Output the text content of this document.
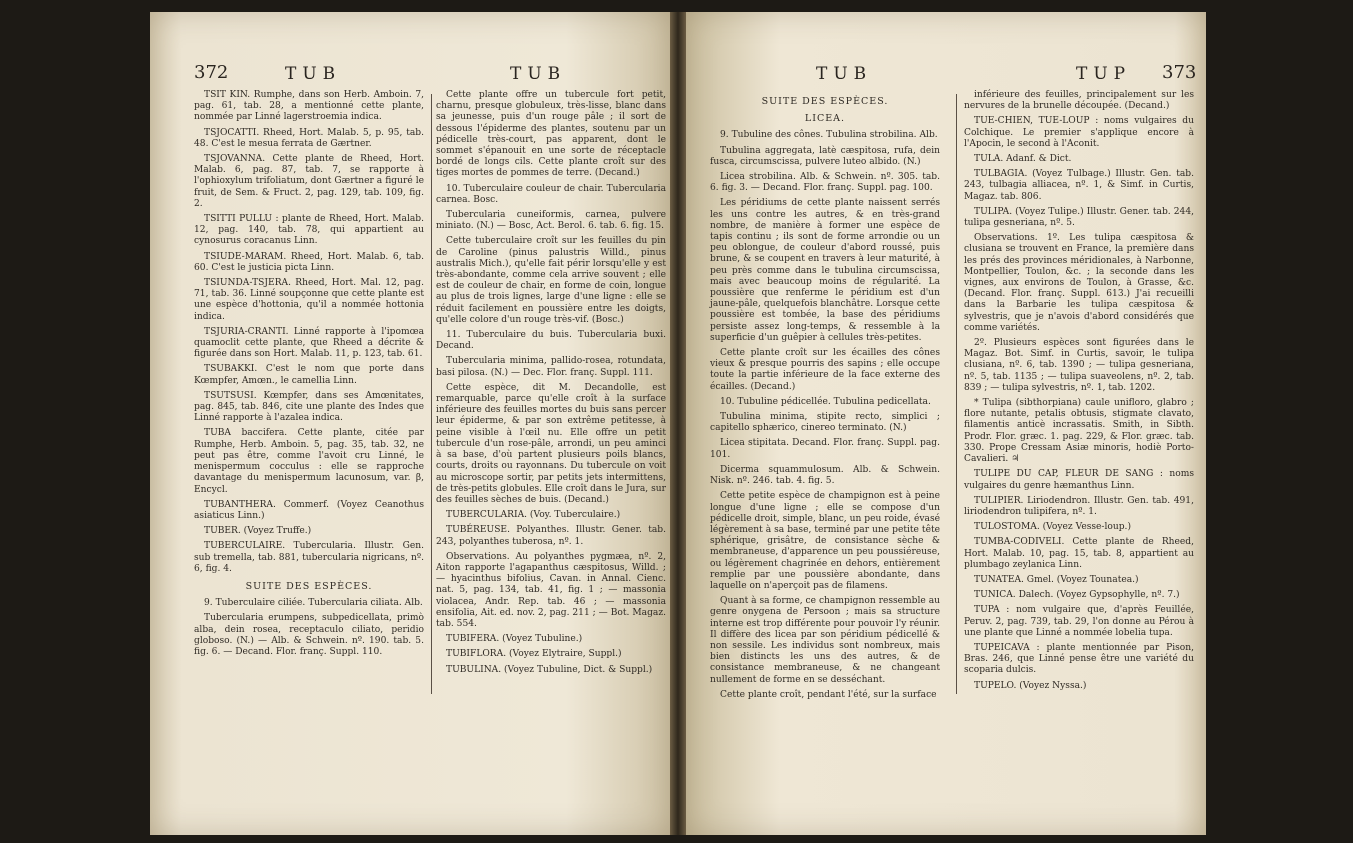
372	TUB	TUB

TSIT KIN. Rumphe, dans son Herb. Amboin. 7, pag. 61, tab. 28, a mentionné cette plante, nommée par Linné lagerstroemia indica.

TSJOCATTI. Rheed, Hort. Malab. 5, p. 95, tab. 48. C'est le mesua ferrata de Gærtner.

TSJOVANNA. Cette plante de Rheed, Hort. Malab. 6, pag. 87, tab. 7, se rapporte à l'ophioxylum trifoliatum, dont Gærtner a figuré le fruit, de Sem. & Fruct. 2, pag. 129, tab. 109, fig. 2.

TSITTI PULLU : plante de Rheed, Hort. Malab. 12, pag. 140, tab. 78, qui appartient au cynosurus coracanus Linn.

TSIUDE-MARAM. Rheed, Hort. Malab. 6, tab. 60. C'est le justicia picta Linn.

TSIUNDA-TSJERA. Rheed, Hort. Mal. 12, pag. 71, tab. 36. Linné soupçonne que cette plante est une espèce d'hottonia, qu'il a nommée hottonia indica.

TSJURIA-CRANTI. Linné rapporte à l'ipomœa quamoclit cette plante, que Rheed a décrite & figurée dans son Hort. Malab. 11, p. 123, tab. 61.

TSUBAKKI. C'est le nom que porte dans Kœmpfer, Amœn., le camellia Linn.

TSUTSUSI. Kœmpfer, dans ses Amœnitates, pag. 845, tab. 846, cite une plante des Indes que Linné rapporte à l'azalea indica.

TUBA baccifera. Cette plante, citée par Rumphe, Herb. Amboin. 5, pag. 35, tab. 32, ne peut pas être, comme l'avoit cru Linné, le menispermum cocculus : elle se rapproche davantage du menispermum lacunosum, var. β, Encycl.

TUBANTHERA. Commerf. (Voyez Ceanothus asiaticus Linn.)

TUBER. (Voyez Truffe.)

TUBERCULAIRE. Tubercularia. Illustr. Gen. sub tremella, tab. 881, tubercularia nigricans, nº. 6, fig. 4.

SUITE DES ESPÈCES.

9. Tuberculaire ciliée. Tubercularia ciliata. Alb.

Tubercularia erumpens, subpedicellata, primò alba, dein rosea, receptaculo ciliato, peridio globoso. (N.) — Alb. & Schwein. nº. 190. tab. 5. fig. 6. — Decand. Flor. franç. Suppl. 110.

Cette plante offre un tubercule fort petit, charnu, presque globuleux, très-lisse, blanc dans sa jeunesse, puis d'un rouge pâle ; il sort de dessous l'épiderme des plantes, soutenu par un pédicelle très-court, pas apparent, dont le sommet s'épanouit en une sorte de réceptacle bordé de longs cils. Cette plante croît sur des tiges mortes de pommes de terre. (Decand.)

10. Tuberculaire couleur de chair. Tubercularia carnea. Bosc.

Tubercularia cuneiformis, carnea, pulvere miniato. (N.) — Bosc, Act. Berol. 6. tab. 6. fig. 15.

Cette tuberculaire croît sur les feuilles du pin de Caroline (pinus palustris Willd., pinus australis Mich.), qu'elle fait périr lorsqu'elle y est très-abondante, comme cela arrive souvent ; elle est de couleur de chair, en forme de coin, longue au plus de trois lignes, large d'une ligne : elle se réduit facilement en poussière entre les doigts, qu'elle colore d'un rouge très-vif. (Bosc.)

11. Tuberculaire du buis. Tubercularia buxi. Decand.

Tubercularia minima, pallido-rosea, rotundata, basi pilosa. (N.) — Dec. Flor. franç. Suppl. 111.

Cette espèce, dit M. Decandolle, est remarquable, parce qu'elle croît à la surface inférieure des feuilles mortes du buis sans percer leur épiderme, & par son extrême petitesse, à peine visible à l'œil nu. Elle offre un petit tubercule d'un rose-pâle, arrondi, un peu aminci à sa base, d'où partent plusieurs poils blancs, courts, droits ou rayonnans. Du tubercule on voit au microscope sortir, par petits jets intermittens, de très-petits globules. Elle croît dans le Jura, sur des feuilles sèches de buis. (Decand.)

TUBERCULARIA. (Voy. Tuberculaire.)

TUBÉREUSE. Polyanthes. Illustr. Gener. tab. 243, polyanthes tuberosa, nº. 1.

Observations. Au polyanthes pygmæa, nº. 2, Aiton rapporte l'agapanthus cæspitosus, Willd. ; — hyacinthus bifolius, Cavan. in Annal. Cienc. nat. 5, pag. 134, tab. 41, fig. 1 ; — massonia violacea, Andr. Rep. tab. 46 ; — massonia ensifolia, Ait. ed. nov. 2, pag. 211 ; — Bot. Magaz. tab. 554.

TUBIFERA. (Voyez Tubuline.)

TUBIFLORA. (Voyez Elytraire, Suppl.)

TUBULINA. (Voyez Tubuline, Dict. & Suppl.)

TUB	TUP 373

SUITE DES ESPÈCES.

LICEA.

9. Tubuline des cônes. Tubulina strobilina. Alb.

Tubulina aggregata, latè cæspitosa, rufa, dein fusca, circumscissa, pulvere luteo albido. (N.)

Licea strobilina. Alb. & Schwein. nº. 305. tab. 6. fig. 3. — Decand. Flor. franç. Suppl. pag. 100.

Les péridiums de cette plante naissent serrés les uns contre les autres, & en très-grand nombre, de manière à former une espèce de tapis continu ; ils sont de forme arrondie ou un peu oblongue, de couleur d'abord roussé, puis brune, & se coupent en travers à leur maturité, à peu près comme dans le tubulina circumscissa, mais avec beaucoup moins de régularité. La poussière que renferme le péridium est d'un jaune-pâle, quelquefois blanchâtre. Lorsque cette poussière est tombée, la base des péridiums persiste assez long-temps, & ressemble à la superficie d'un guêpier à cellules très-petites.

Cette plante croît sur les écailles des cônes vieux & presque pourris des sapins ; elle occupe toute la partie inférieure de la face externe des écailles. (Decand.)

10. Tubuline pédicellée. Tubulina pedicellata.

Tubulina minima, stipite recto, simplici ; capitello sphærico, cinereo terminato. (N.)

Licea stipitata. Decand. Flor. franç. Suppl. pag. 101.

Dicerma squammulosum. Alb. & Schwein. Nisk. nº. 246. tab. 4. fig. 5.

Cette petite espèce de champignon est à peine longue d'une ligne ; elle se compose d'un pédicelle droit, simple, blanc, un peu roide, évasé légèrement à sa base, terminé par une petite tête sphérique, grisâtre, de consistance sèche & membraneuse, d'apparence un peu poussiéreuse, ou légèrement chagrinée en dehors, entièrement remplie par une poussière abondante, dans laquelle on n'aperçoit pas de filamens.

Quant à sa forme, ce champignon ressemble au genre onygena de Persoon ; mais sa structure interne est trop différente pour pouvoir l'y réunir. Il diffère des licea par son péridium pédicellé & non sessile. Les individus sont nombreux, mais bien distincts les uns des autres, & de consistance membraneuse, & ne changeant nullement de forme en se desséchant.

Cette plante croît, pendant l'été, sur la surface

inférieure des feuilles, principalement sur les nervures de la brunelle découpée. (Decand.)

TUE-CHIEN, TUE-LOUP : noms vulgaires du Colchique. Le premier s'applique encore à l'Apocin, le second à l'Aconit.

TULA. Adanf. & Dict.

TULBAGIA. (Voyez Tulbage.) Illustr. Gen. tab. 243, tulbagia alliacea, nº. 1, & Simf. in Curtis, Magaz. tab. 806.

TULIPA. (Voyez Tulipe.) Illustr. Gener. tab. 244, tulipa gesneriana, nº. 5.

Observations. 1º. Les tulipa cæspitosa & clusiana se trouvent en France, la première dans les prés des provinces méridionales, à Narbonne, Montpellier, Toulon, &c. ; la seconde dans les vignes, aux environs de Toulon, à Grasse, &c. (Decand. Flor. franç. Suppl. 613.) J'ai recueilli dans la Barbarie les tulipa cæspitosa & sylvestris, que je n'avois d'abord considérés que comme variétés.

2º. Plusieurs espèces sont figurées dans le Magaz. Bot. Simf. in Curtis, savoir, le tulipa clusiana, nº. 6, tab. 1390 ; — tulipa gesneriana, nº. 5, tab. 1135 ; — tulipa suaveolens, nº. 2, tab. 839 ; — tulipa sylvestris, nº. 1, tab. 1202.

* Tulipa (sibthorpiana) caule unifloro, glabro ; flore nutante, petalis obtusis, stigmate clavato, filamentis anticè incrassatis. Smith, in Sibth. Prodr. Flor. græc. 1. pag. 229, & Flor. græc. tab. 330. Prope Cressam Asiæ minoris, hodiè Porto-Cavalieri. ♃

TULIPE DU CAP, FLEUR DE SANG : noms vulgaires du genre hæmanthus Linn.

TULIPIER. Liriodendron. Illustr. Gen. tab. 491, liriodendron tulipifera, nº. 1.

TULOSTOMA. (Voyez Vesse-loup.)

TUMBA-CODIVELI. Cette plante de Rheed, Hort. Malab. 10, pag. 15, tab. 8, appartient au plumbago zeylanica Linn.

TUNATEA. Gmel. (Voyez Tounatea.)

TUNICA. Dalech. (Voyez Gypsophylle, nº. 7.)

TUPA : nom vulgaire que, d'après Feuillée, Peruv. 2, pag. 739, tab. 29, l'on donne au Pérou à une plante que Linné a nommée lobelia tupa.

TUPEICAVA : plante mentionnée par Pison, Bras. 246, que Linné pense être une variété du scoparia dulcis.

TUPELO. (Voyez Nyssa.)
